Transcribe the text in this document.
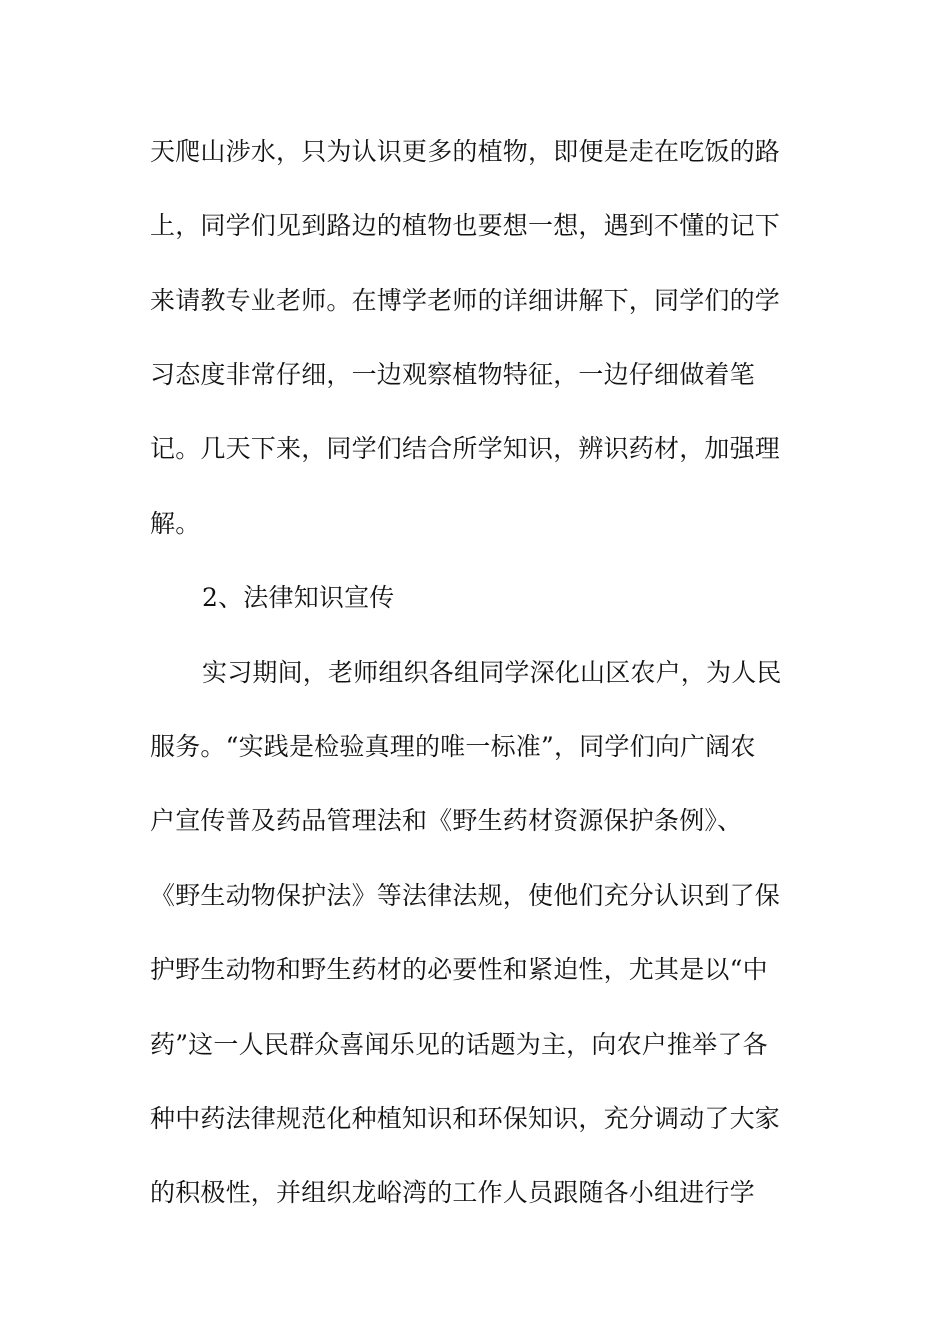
天爬山涉水，只为认识更多的植物，即便是走在吃饭的路
上，同学们见到路边的植物也要想一想，遇到不懂的记下
来请教专业老师。在博学老师的详细讲解下，同学们的学
习态度非常仔细，一边观察植物特征，一边仔细做着笔
记。几天下来，同学们结合所学知识，辨识药材，加强理
解。
2、法律知识宣传
实习期间，老师组织各组同学深化山区农户，为人民
服务。“实践是检验真理的唯一标准”，同学们向广阔农
户宣传普及药品管理法和《野生药材资源保护条例》、
《野生动物保护法》等法律法规，使他们充分认识到了保
护野生动物和野生药材的必要性和紧迫性，尤其是以“中
药”这一人民群众喜闻乐见的话题为主，向农户推举了各
种中药法律规范化种植知识和环保知识，充分调动了大家
的积极性，并组织龙峪湾的工作人员跟随各小组进行学
